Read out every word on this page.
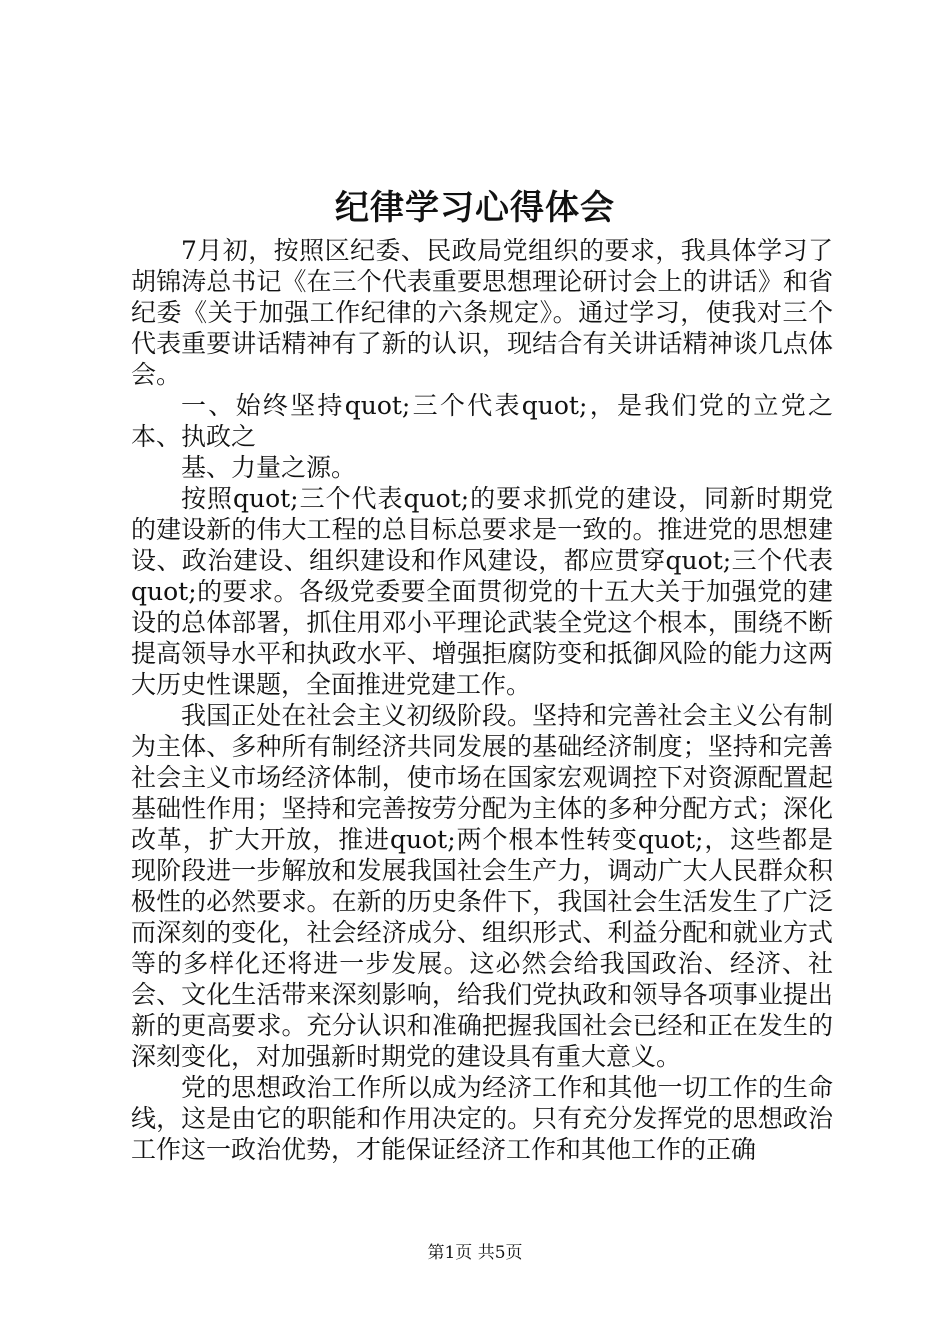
纪律学习心得体会

7月初，按照区纪委、民政局党组织的要求，我具体学习了胡锦涛总书记《在三个代表重要思想理论研讨会上的讲话》和省纪委《关于加强工作纪律的六条规定》。通过学习，使我对三个代表重要讲话精神有了新的认识，现结合有关讲话精神谈几点体会。

一、始终坚持quot;三个代表quot;，是我们党的立党之本、执政之

基、力量之源。

按照quot;三个代表quot;的要求抓党的建设，同新时期党的建设新的伟大工程的总目标总要求是一致的。推进党的思想建设、政治建设、组织建设和作风建设，都应贯穿quot;三个代表quot;的要求。各级党委要全面贯彻党的十五大关于加强党的建设的总体部署，抓住用邓小平理论武装全党这个根本，围绕不断提高领导水平和执政水平、增强拒腐防变和抵御风险的能力这两大历史性课题，全面推进党建工作。

我国正处在社会主义初级阶段。坚持和完善社会主义公有制为主体、多种所有制经济共同发展的基础经济制度；坚持和完善社会主义市场经济体制，使市场在国家宏观调控下对资源配置起基础性作用；坚持和完善按劳分配为主体的多种分配方式；深化改革，扩大开放，推进quot;两个根本性转变quot;，这些都是现阶段进一步解放和发展我国社会生产力，调动广大人民群众积极性的必然要求。在新的历史条件下，我国社会生活发生了广泛而深刻的变化，社会经济成分、组织形式、利益分配和就业方式等的多样化还将进一步发展。这必然会给我国政治、经济、社会、文化生活带来深刻影响，给我们党执政和领导各项事业提出新的更高要求。充分认识和准确把握我国社会已经和正在发生的深刻变化，对加强新时期党的建设具有重大意义。

党的思想政治工作所以成为经济工作和其他一切工作的生命线，这是由它的职能和作用决定的。只有充分发挥党的思想政治工作这一政治优势，才能保证经济工作和其他工作的正确

第1页 共5页
